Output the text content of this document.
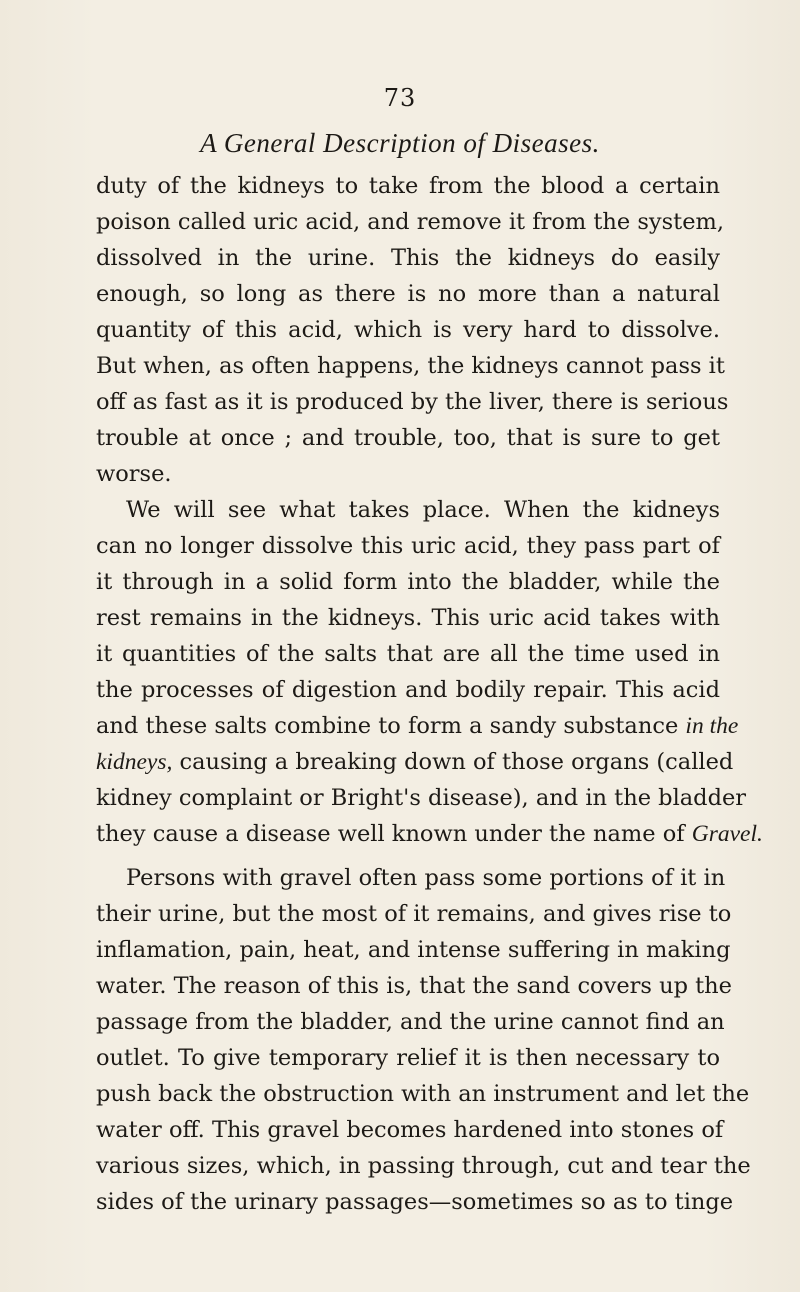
73
A General Description of Diseases.
duty of the kidneys to take from the blood a certain
poison called uric acid, and remove it from the system,
dissolved in the urine. This the kidneys do easily
enough, so long as there is no more than a natural
quantity of this acid, which is very hard to dissolve.
But when, as often happens, the kidneys cannot pass it
off as fast as it is produced by the liver, there is serious
trouble at once ; and trouble, too, that is sure to get
worse.
We will see what takes place. When the kidneys
can no longer dissolve this uric acid, they pass part of
it through in a solid form into the bladder, while the
rest remains in the kidneys. This uric acid takes with
it quantities of the salts that are all the time used in
the processes of digestion and bodily repair. This acid
and these salts combine to form a sandy substance in the
kidneys, causing a breaking down of those organs (called
kidney complaint or Bright's disease), and in the bladder
they cause a disease well known under the name of Gravel.
Persons with gravel often pass some portions of it in
their urine, but the most of it remains, and gives rise to
inflamation, pain, heat, and intense suffering in making
water. The reason of this is, that the sand covers up the
passage from the bladder, and the urine cannot find an
outlet. To give temporary relief it is then necessary to
push back the obstruction with an instrument and let the
water off. This gravel becomes hardened into stones of
various sizes, which, in passing through, cut and tear the
sides of the urinary passages—sometimes so as to tinge
